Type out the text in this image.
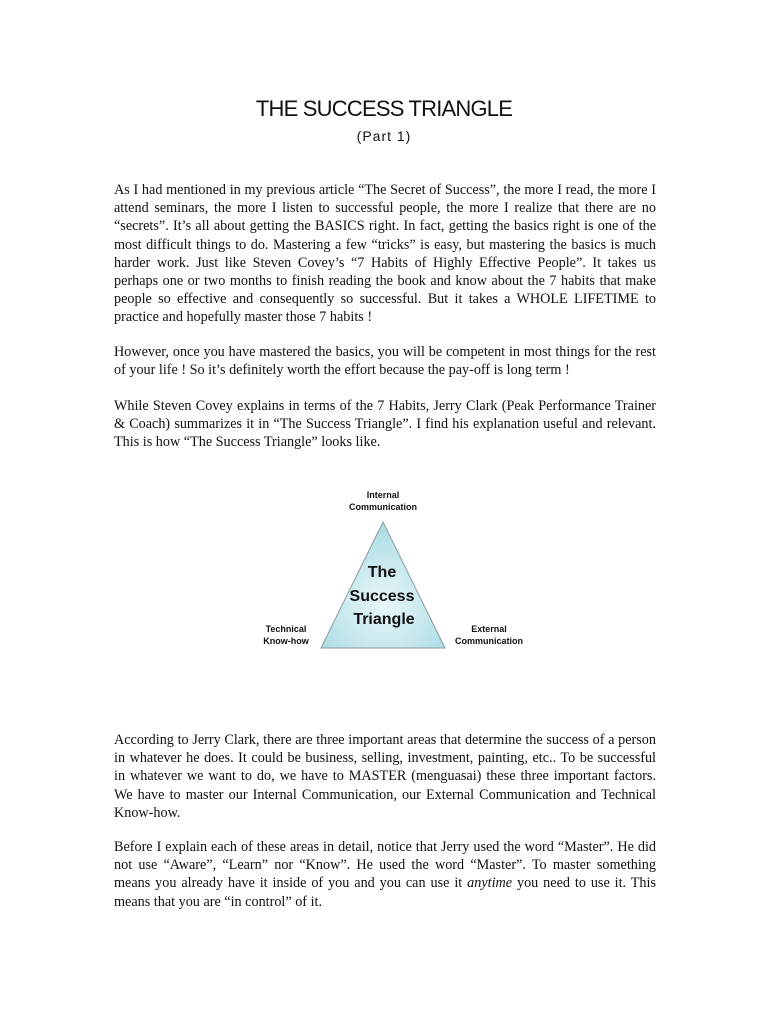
THE SUCCESS TRIANGLE
(Part 1)

As I had mentioned in my previous article “The Secret of Success”, the more I read, the more I attend seminars, the more I listen to successful people, the more I realize that there are no “secrets”. It’s all about getting the BASICS right. In fact, getting the basics right is one of the most difficult things to do. Mastering a few “tricks” is easy, but mastering the basics is much harder work. Just like Steven Covey’s “7 Habits of Highly Effective People”. It takes us perhaps one or two months to finish reading the book and know about the 7 habits that make people so effective and consequently so successful. But it takes a WHOLE LIFETIME to practice and hopefully master those 7 habits !

However, once you have mastered the basics, you will be competent in most things for the rest of your life ! So it’s definitely worth the effort because the pay-off is long term !

While Steven Covey explains in terms of the 7 Habits, Jerry Clark (Peak Performance Trainer & Coach) summarizes it in “The Success Triangle”. I find his explanation useful and relevant. This is how “The Success Triangle” looks like.

Internal
Communication
Technical
Know-how
External
Communication
The
Success
Triangle

According to Jerry Clark, there are three important areas that determine the success of a person in whatever he does. It could be business, selling, investment, painting, etc.. To be successful in whatever we want to do, we have to MASTER (menguasai) these three important factors. We have to master our Internal Communication, our External Communication and Technical Know-how.

Before I explain each of these areas in detail, notice that Jerry used the word “Master”. He did not use “Aware”, “Learn” nor “Know”. He used the word “Master”. To master something means you already have it inside of you and you can use it anytime you need to use it. This means that you are “in control” of it.
